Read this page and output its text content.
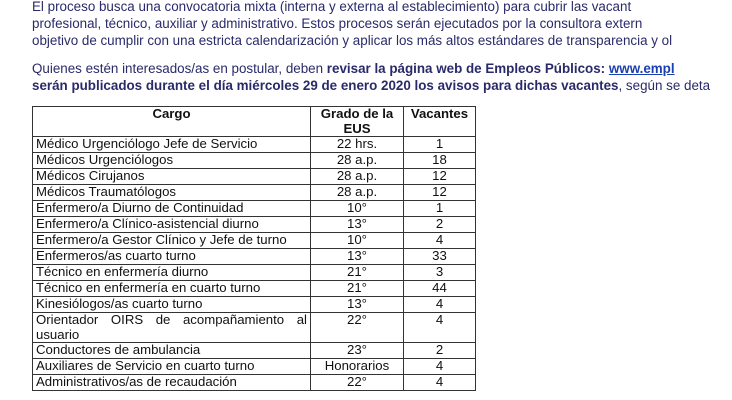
El proceso busca una convocatoria mixta (interna y externa al establecimiento) para cubrir las vacant
profesional, técnico, auxiliar y administrativo. Estos procesos serán ejecutados por la consultora extern
objetivo de cumplir con una estricta calendarización y aplicar los más altos estándares de transparencia y ol
Quienes estén interesados/as en postular, deben revisar la página web de Empleos Públicos: www.empl
serán publicados durante el día miércoles 29 de enero 2020 los avisos para dichas vacantes, según se deta
Cargo	Grado de la EUS	Vacantes
Médico Urgenciólogo Jefe de Servicio	22 hrs.	1
Médicos Urgenciólogos	28 a.p.	18
Médicos Cirujanos	28 a.p.	12
Médicos Traumatólogos	28 a.p.	12
Enfermero/a Diurno de Continuidad	10°	1
Enfermero/a Clínico-asistencial diurno	13°	2
Enfermero/a Gestor Clínico y Jefe de turno	10°	4
Enfermeros/as cuarto turno	13°	33
Técnico en enfermería diurno	21°	3
Técnico en enfermería en cuarto turno	21°	44
Kinesiólogos/as cuarto turno	13°	4
Orientador OIRS de acompañamiento al usuario	22°	4
Conductores de ambulancia	23°	2
Auxiliares de Servicio en cuarto turno	Honorarios	4
Administrativos/as de recaudación	22°	4
